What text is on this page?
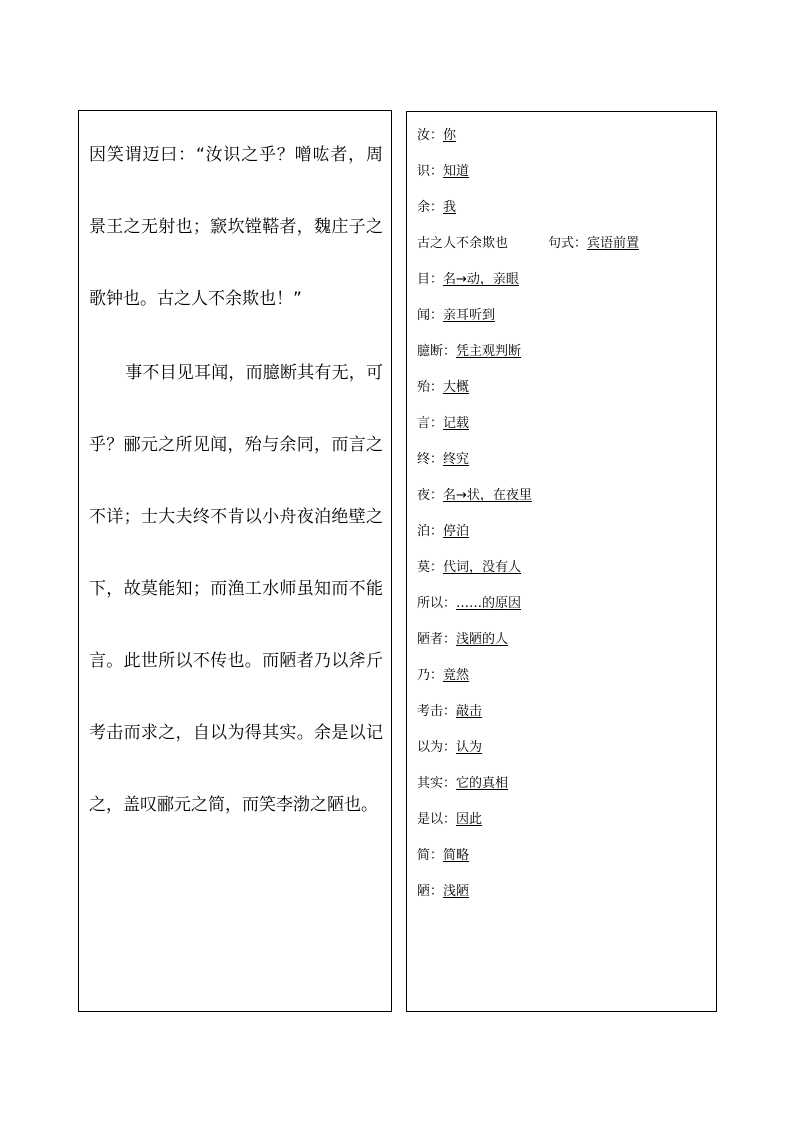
因笑谓迈曰：“汝识之乎？噌吰者，周景王之无射也；窾坎镗鞳者，魏庄子之歌钟也。古之人不余欺也！”

事不目见耳闻，而臆断其有无，可乎？郦元之所见闻，殆与余同，而言之不详；士大夫终不肯以小舟夜泊绝壁之下，故莫能知；而渔工水师虽知而不能言。此世所以不传也。而陋者乃以斧斤考击而求之，自以为得其实。余是以记之，盖叹郦元之简，而笑李渤之陋也。

汝：你
识：知道
余：我
古之人不余欺也	句式：宾语前置
目：名→动，亲眼
闻：亲耳听到
臆断：凭主观判断
殆：大概
言：记载
终：终究
夜：名→状，在夜里
泊：停泊
莫：代词，没有人
所以：……的原因
陋者：浅陋的人
乃：竟然
考击：敲击
以为：认为
其实：它的真相
是以：因此
简：简略
陋：浅陋
